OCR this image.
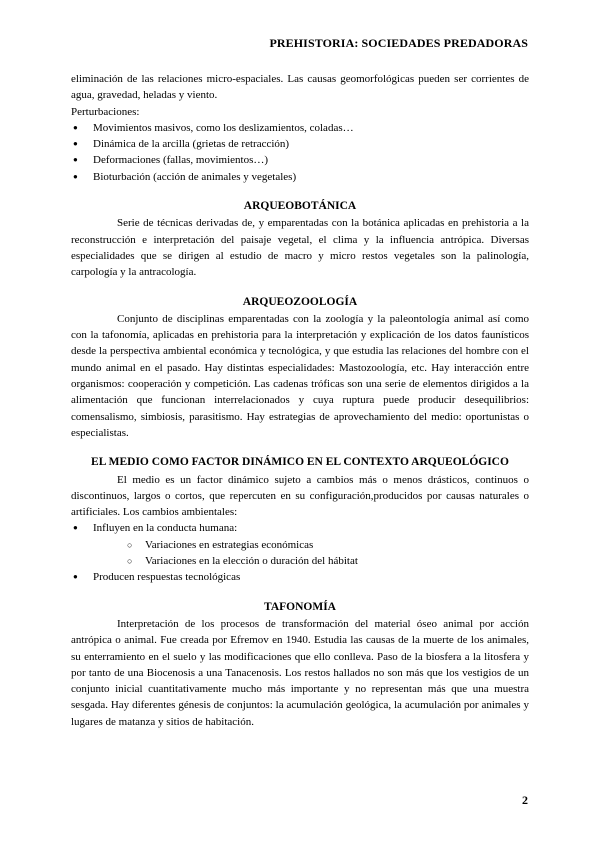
PREHISTORIA: SOCIEDADES PREDADORAS

eliminación de las relaciones micro-espaciales. Las causas geomorfológicas pueden ser corrientes de agua, gravedad, heladas y viento.

Perturbaciones:

● Movimientos masivos, como los deslizamientos, coladas…
● Dinámica de la arcilla (grietas de retracción)
● Deformaciones (fallas, movimientos…)
● Bioturbación (acción de animales y vegetales)
ARQUEOBOTÁNICA

Serie de técnicas derivadas de, y emparentadas con la botánica aplicadas en prehistoria a la reconstrucción e interpretación del paisaje vegetal, el clima y la influencia antrópica. Diversas especialidades que se dirigen al estudio de macro y micro restos vegetales son la palinología, carpología y la antracología.

ARQUEOZOOLOGÍA

Conjunto de disciplinas emparentadas con la zoología y la paleontología animal así como con la tafonomía, aplicadas en prehistoria para la interpretación y explicación de los datos faunísticos desde la perspectiva ambiental económica y tecnológica, y que estudia las relaciones del hombre con el mundo animal en el pasado. Hay distintas especialidades: Mastozoología, etc. Hay interacción entre organismos: cooperación y competición. Las cadenas tróficas son una serie de elementos dirigidos a la alimentación que funcionan interrelacionados y cuya ruptura puede producir desequilibrios: comensalismo, simbiosis, parasitismo. Hay estrategias de aprovechamiento del medio: oportunistas o especialistas.

EL MEDIO COMO FACTOR DINÁMICO EN EL CONTEXTO ARQUEOLÓGICO

El medio es un factor dinámico sujeto a cambios más o menos drásticos, continuos o discontinuos, largos o cortos, que repercuten en su configuración,producidos por causas naturales o artificiales. Los cambios ambientales:

● Influyen en la conducta humana:
○ Variaciones en estrategias económicas
○ Variaciones en la elección o duración del hábitat
● Producen respuestas tecnológicas
TAFONOMÍA

Interpretación de los procesos de transformación del material óseo animal por acción antrópica o animal. Fue creada por Efremov en 1940. Estudia las causas de la muerte de los animales, su enterramiento en el suelo y las modificaciones que ello conlleva. Paso de la biosfera a la litosfera y por tanto de una Biocenosis a una Tanacenosis. Los restos hallados no son más que los vestigios de un conjunto inicial cuantitativamente mucho más importante y no representan más que una muestra sesgada. Hay diferentes génesis de conjuntos: la acumulación geológica, la acumulación por animales y lugares de matanza y sitios de habitación.

2
